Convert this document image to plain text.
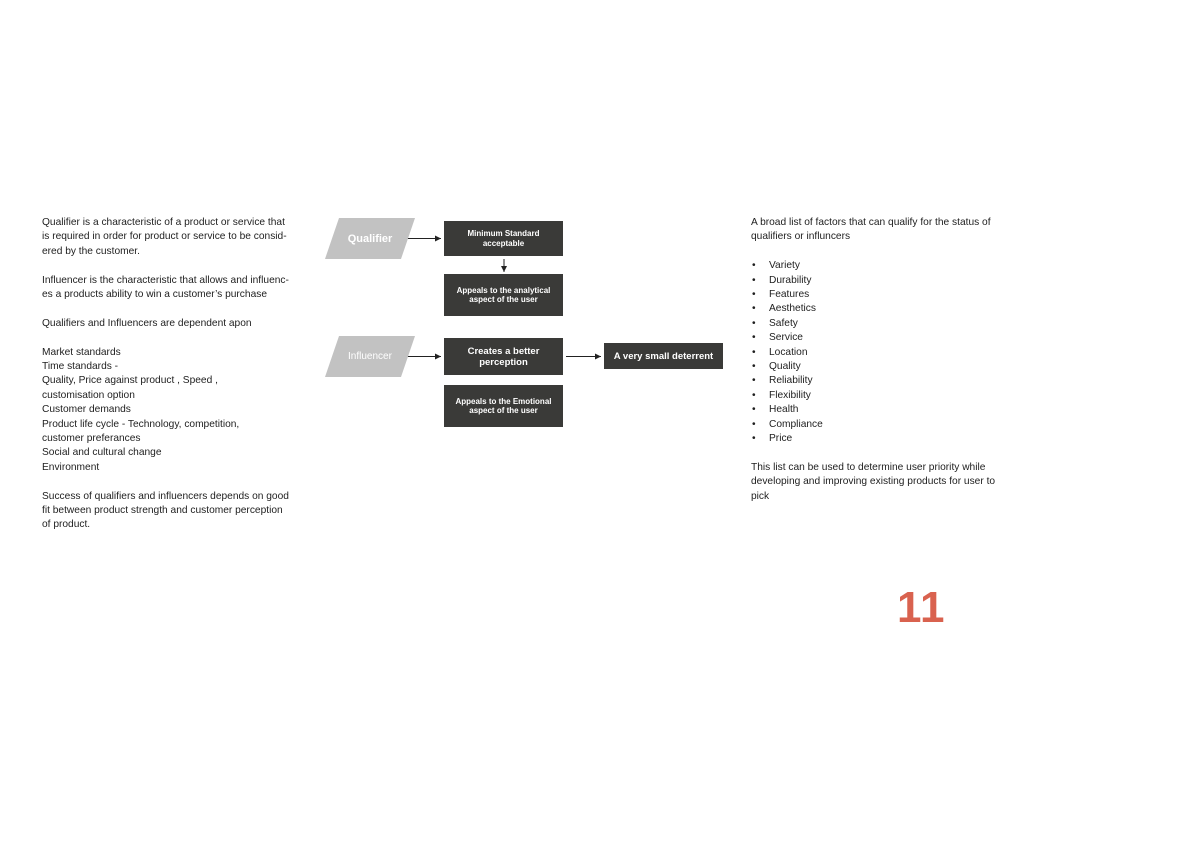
Qualifier is a characteristic of a product or service that
is required in order for product or service to be consid-
ered by the customer.

Influencer is the characteristic that allows and influenc-
es a products ability to win a customer’s purchase

Qualifiers and Influencers are dependent apon

Market standards
Time standards -
Quality, Price against product , Speed ,
customisation option
Customer demands
Product life cycle - Technology, competition,
customer preferances
Social and cultural change
Environment

Success of qualifiers and influencers depends on good
fit between product strength and customer perception
of product.

Qualifier
Influencer
Minimum Standard
acceptable
Appeals to the analytical
aspect of the user
Creates a better
perception
A very small deterrent
Appeals to the Emotional
aspect of the user

A broad list of factors that can qualify for the status of
qualifiers or influncers

• Variety
• Durability
• Features
• Aesthetics
• Safety
• Service
• Location
• Quality
• Reliability
• Flexibility
• Health
• Compliance
• Price

This list can be used to determine user priority while
developing and improving existing products for user to
pick

11
